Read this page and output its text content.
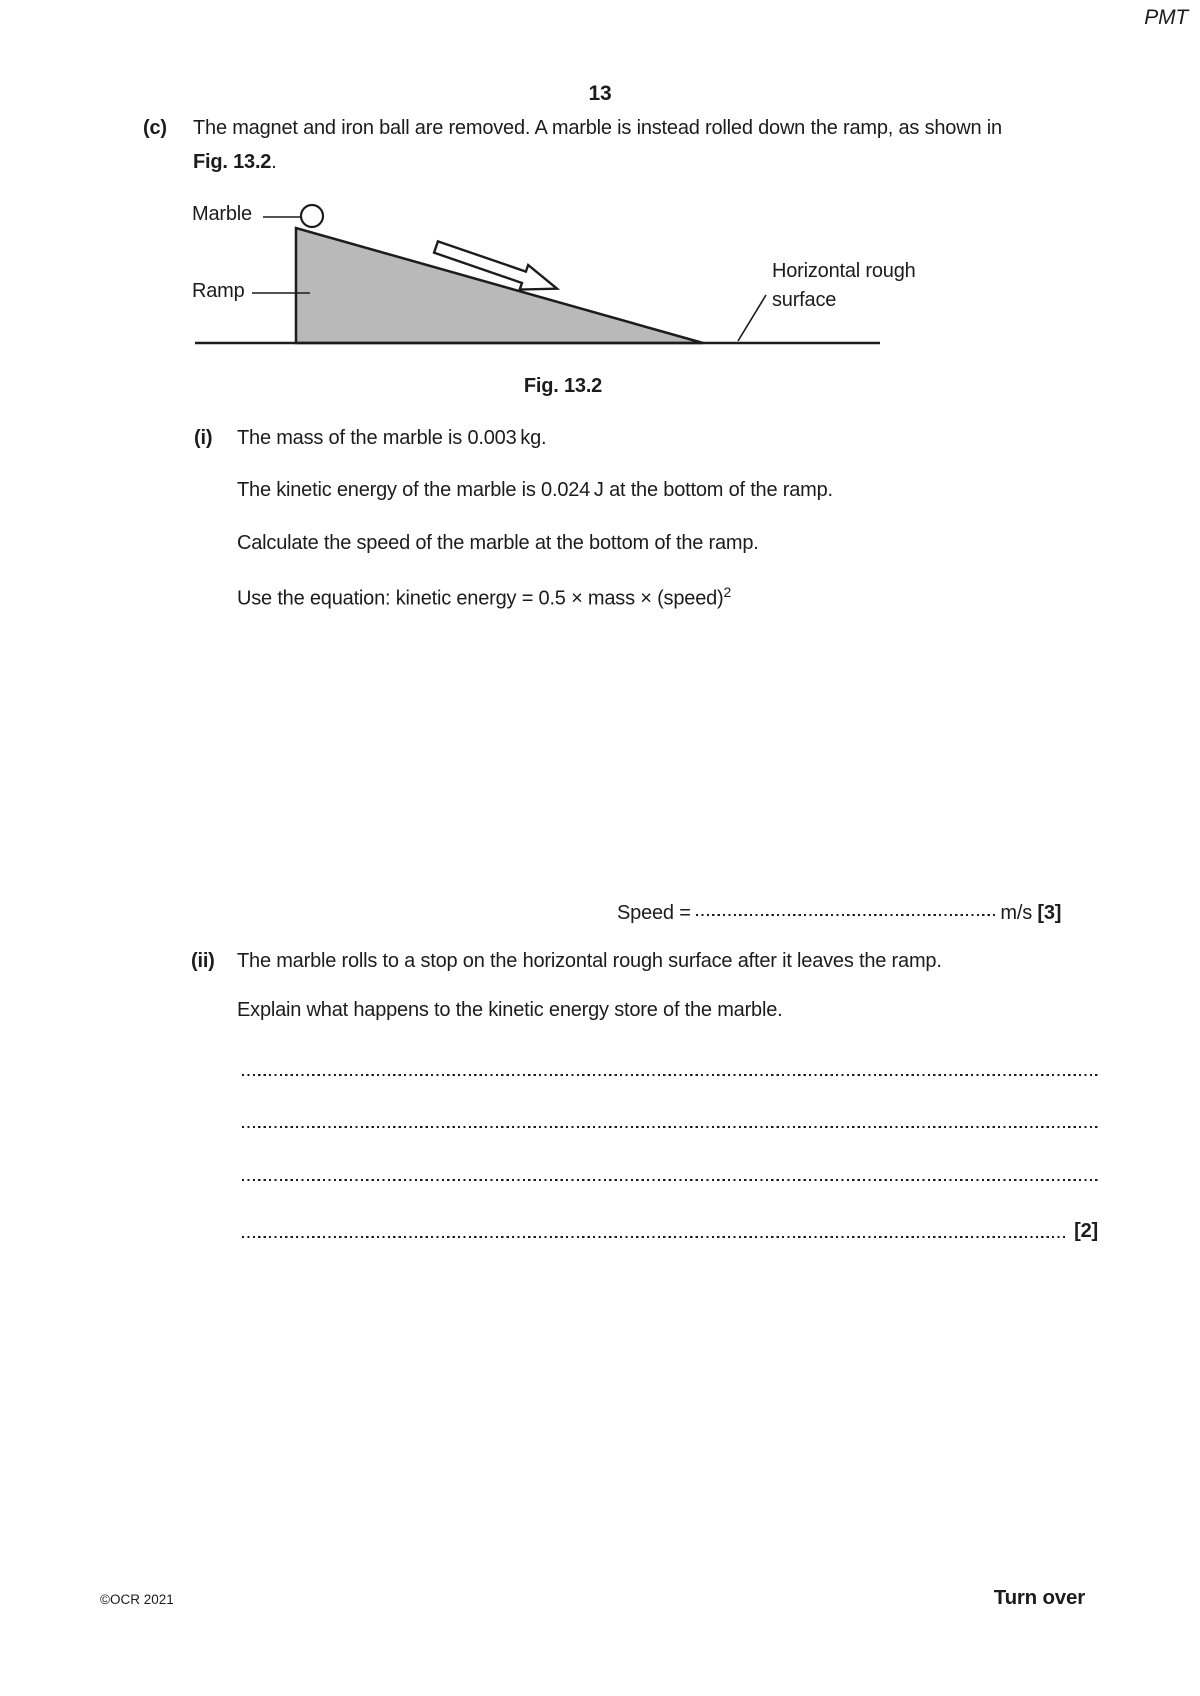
PMT
13
(c) The magnet and iron ball are removed. A marble is instead rolled down the ramp, as shown in
Fig. 13.2.
Marble
Ramp
Horizontal rough
surface
Fig. 13.2
(i) The mass of the marble is 0.003 kg.
The kinetic energy of the marble is 0.024 J at the bottom of the ramp.
Calculate the speed of the marble at the bottom of the ramp.
Use the equation: kinetic energy = 0.5 × mass × (speed)$^2$
Speed =	m/s [3]
(ii) The marble rolls to a stop on the horizontal rough surface after it leaves the ramp.
Explain what happens to the kinetic energy store of the marble.
[2]
©OCR 2021	Turn over
